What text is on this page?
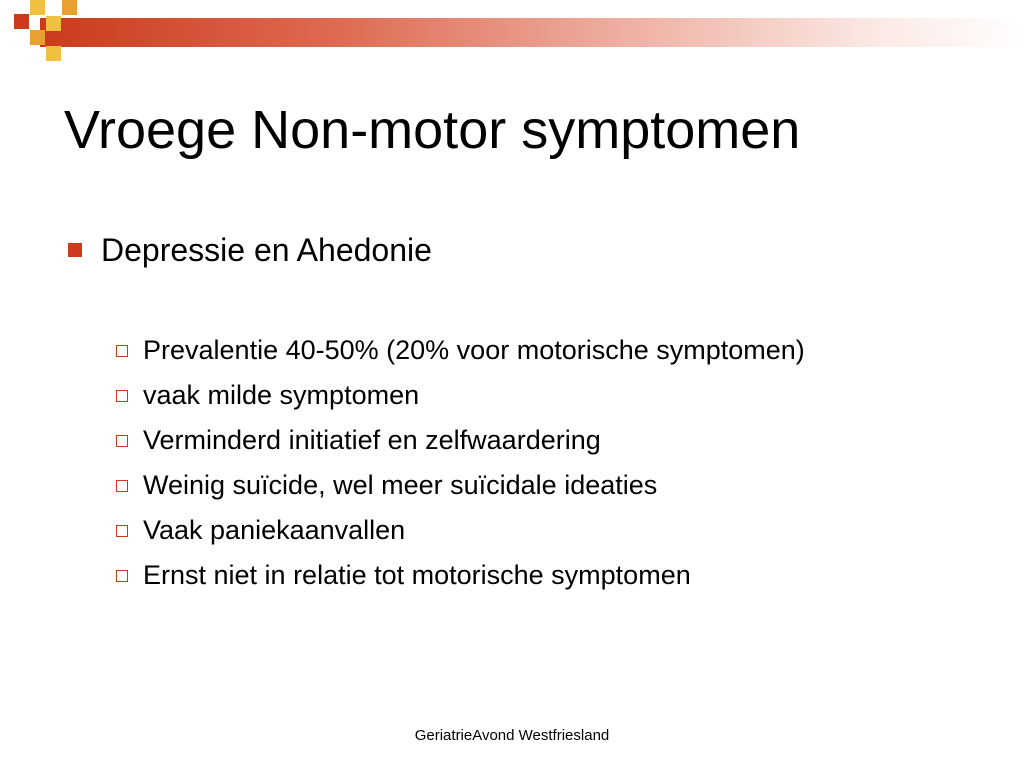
Vroege Non-motor symptomen
Depressie en Ahedonie
Prevalentie 40-50% (20% voor motorische symptomen)
vaak milde symptomen
Verminderd initiatief en zelfwaardering
Weinig suïcide, wel meer suïcidale ideaties
Vaak paniekaanvallen
Ernst niet in relatie tot motorische symptomen
GeriatrieAvond Westfriesland
